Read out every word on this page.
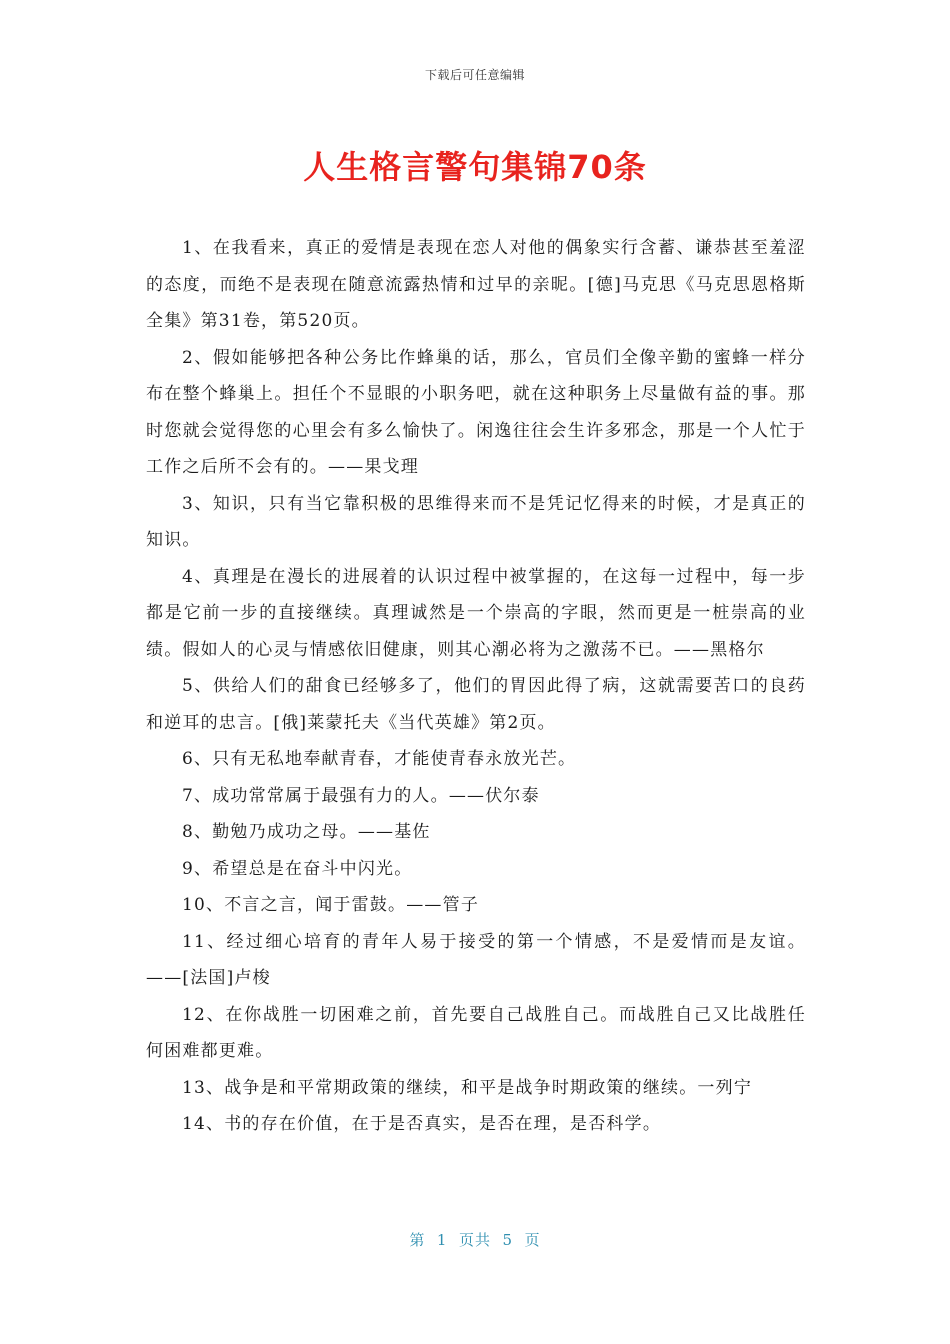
下载后可任意编辑
人生格言警句集锦70条

1、在我看来，真正的爱情是表现在恋人对他的偶象实行含蓄、谦恭甚至羞涩的态度，而绝不是表现在随意流露热情和过早的亲昵。[德]马克思《马克思恩格斯全集》第31卷，第520页。

2、假如能够把各种公务比作蜂巢的话，那么，官员们全像辛勤的蜜蜂一样分布在整个蜂巢上。担任个不显眼的小职务吧，就在这种职务上尽量做有益的事。那时您就会觉得您的心里会有多么愉快了。闲逸往往会生许多邪念，那是一个人忙于工作之后所不会有的。——果戈理

3、知识，只有当它靠积极的思维得来而不是凭记忆得来的时候，才是真正的知识。

4、真理是在漫长的进展着的认识过程中被掌握的，在这每一过程中，每一步都是它前一步的直接继续。真理诚然是一个崇高的字眼，然而更是一桩崇高的业绩。假如人的心灵与情感依旧健康，则其心潮必将为之激荡不已。——黑格尔

5、供给人们的甜食已经够多了，他们的胃因此得了病，这就需要苦口的良药和逆耳的忠言。[俄]莱蒙托夫《当代英雄》第2页。

6、只有无私地奉献青春，才能使青春永放光芒。

7、成功常常属于最强有力的人。——伏尔泰

8、勤勉乃成功之母。——基佐

9、希望总是在奋斗中闪光。

10、不言之言，闻于雷鼓。——管子

11、经过细心培育的青年人易于接受的第一个情感，不是爱情而是友谊。——[法国]卢梭

12、在你战胜一切困难之前，首先要自己战胜自己。而战胜自己又比战胜任何困难都更难。

13、战争是和平常期政策的继续，和平是战争时期政策的继续。一列宁

14、书的存在价值，在于是否真实，是否在理，是否科学。

第  1  页共  5  页
